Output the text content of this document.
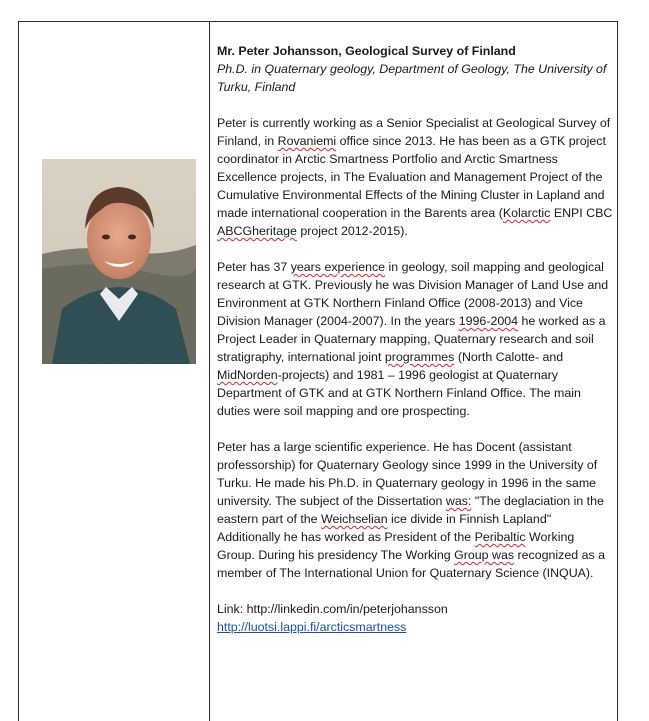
Mr. Peter Johansson, Geological Survey of Finland
Ph.D. in Quaternary geology, Department of Geology, The University of Turku, Finland

Peter is currently working as a Senior Specialist at Geological Survey of Finland, in Rovaniemi office since 2013. He has been as a GTK project coordinator in Arctic Smartness Portfolio and Arctic Smartness Excellence projects, in The Evaluation and Management Project of the Cumulative Environmental Effects of the Mining Cluster in Lapland and made international cooperation in the Barents area (Kolarctic ENPI CBC ABCGheritage project 2012-2015).

Peter has 37 years experience in geology, soil mapping and geological research at GTK. Previously he was Division Manager of Land Use and Environment at GTK Northern Finland Office (2008-2013) and Vice Division Manager (2004-2007). In the years 1996-2004 he worked as a Project Leader in Quaternary mapping, Quaternary research and soil stratigraphy, international joint programmes (North Calotte- and MidNorden-projects) and 1981 – 1996 geologist at Quaternary Department of GTK and at GTK Northern Finland Office. The main duties were soil mapping and ore prospecting.

Peter has a large scientific experience. He has Docent (assistant professorship) for Quaternary Geology since 1999 in the University of Turku. He made his Ph.D. in Quaternary geology in 1996 in the same university. The subject of the Dissertation was: "The deglaciation in the eastern part of the Weichselian ice divide in Finnish Lapland" Additionally he has worked as President of the Peribaltic Working Group. During his presidency The Working Group was recognized as a member of The International Union for Quaternary Science (INQUA).

Link: http://linkedin.com/in/peterjohansson
http://luotsi.lappi.fi/arcticsmartness
